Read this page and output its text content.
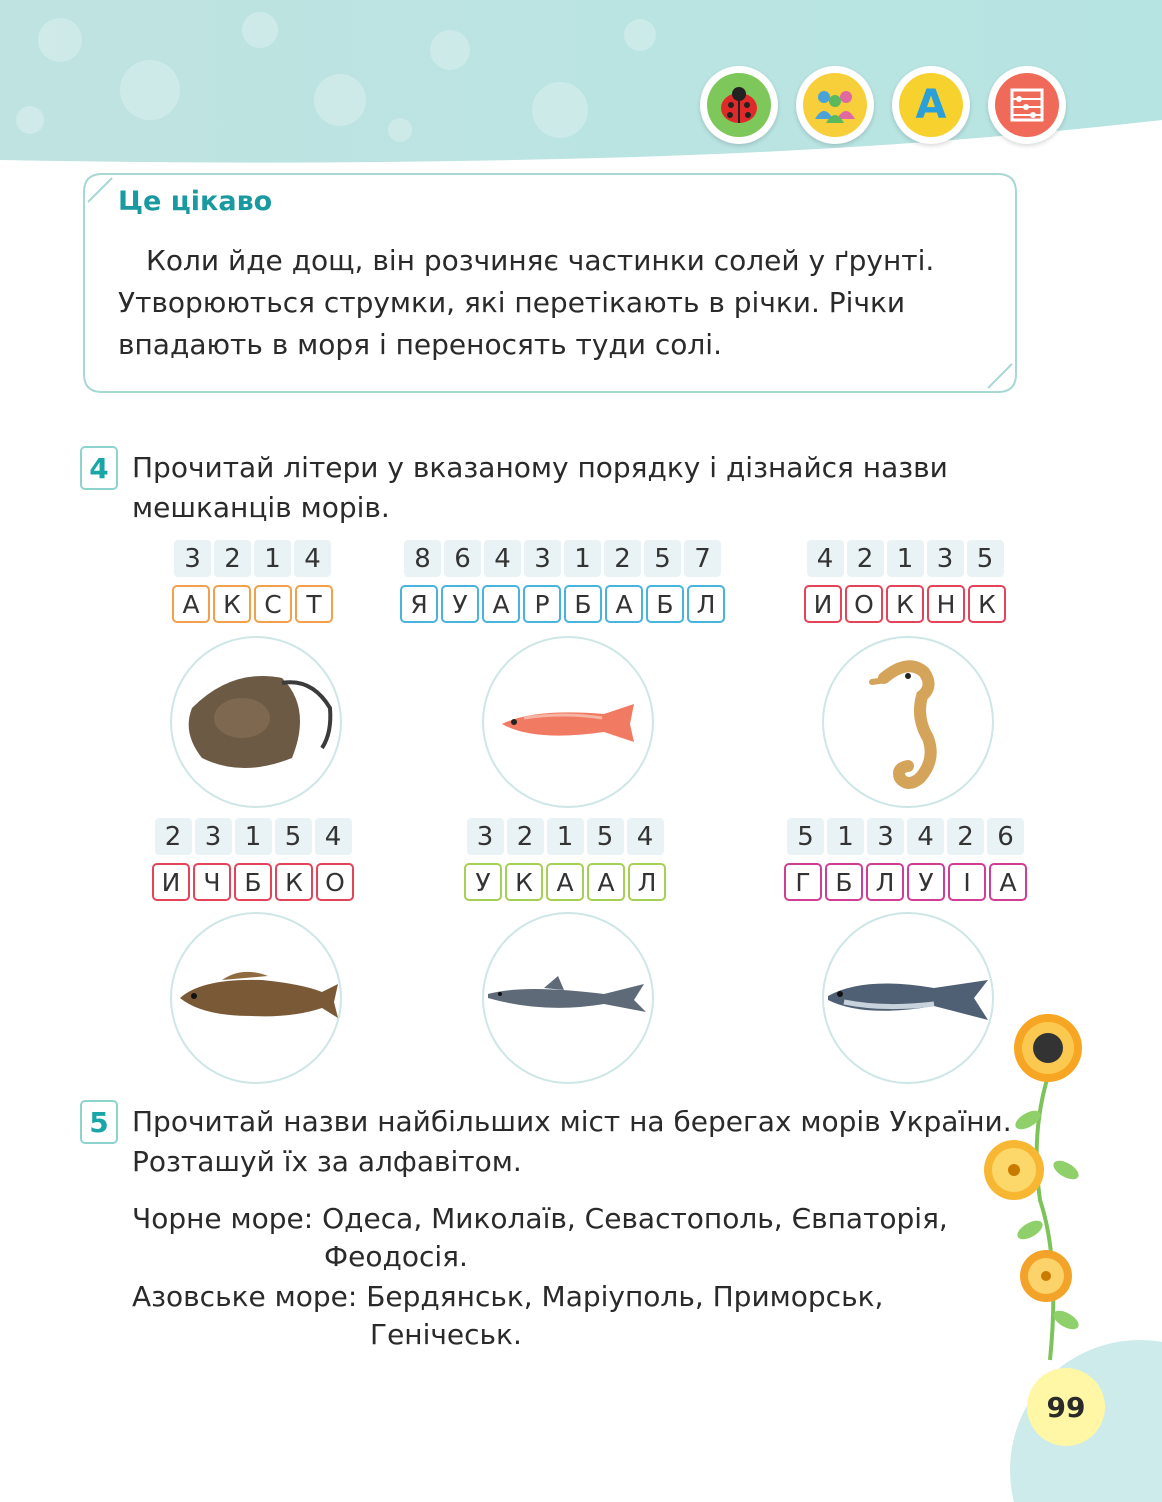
A
Це цікаво

Коли йде дощ, він розчиняє частинки солей у ґрунті.
Утворюються струмки, які перетікають в річки. Річки
впадають в моря і переносять туди солі.

4 Прочитай літери у вказаному порядку і дізнайся назви
мешканців морів.

3 2 1 4
А К С Т
8 6 4 3 1 2 5 7
Я У А Р Б А Б Л
4 2 1 3 5
И О К Н К
2 3 1 5 4
И Ч Б К О
3 2 1 5 4
У К А А Л
5 1 3 4 2 6
Г Б Л У	І	А
5 Прочитай назви найбільших міст на берегах морів України.
Розташуй їх за алфавітом.

Чорне море: Одеса, Миколаїв, Севастополь, Євпаторія,
Феодосія.

Азовське море: Бердянськ, Маріуполь, Приморськ,
Генічеськ.

99
